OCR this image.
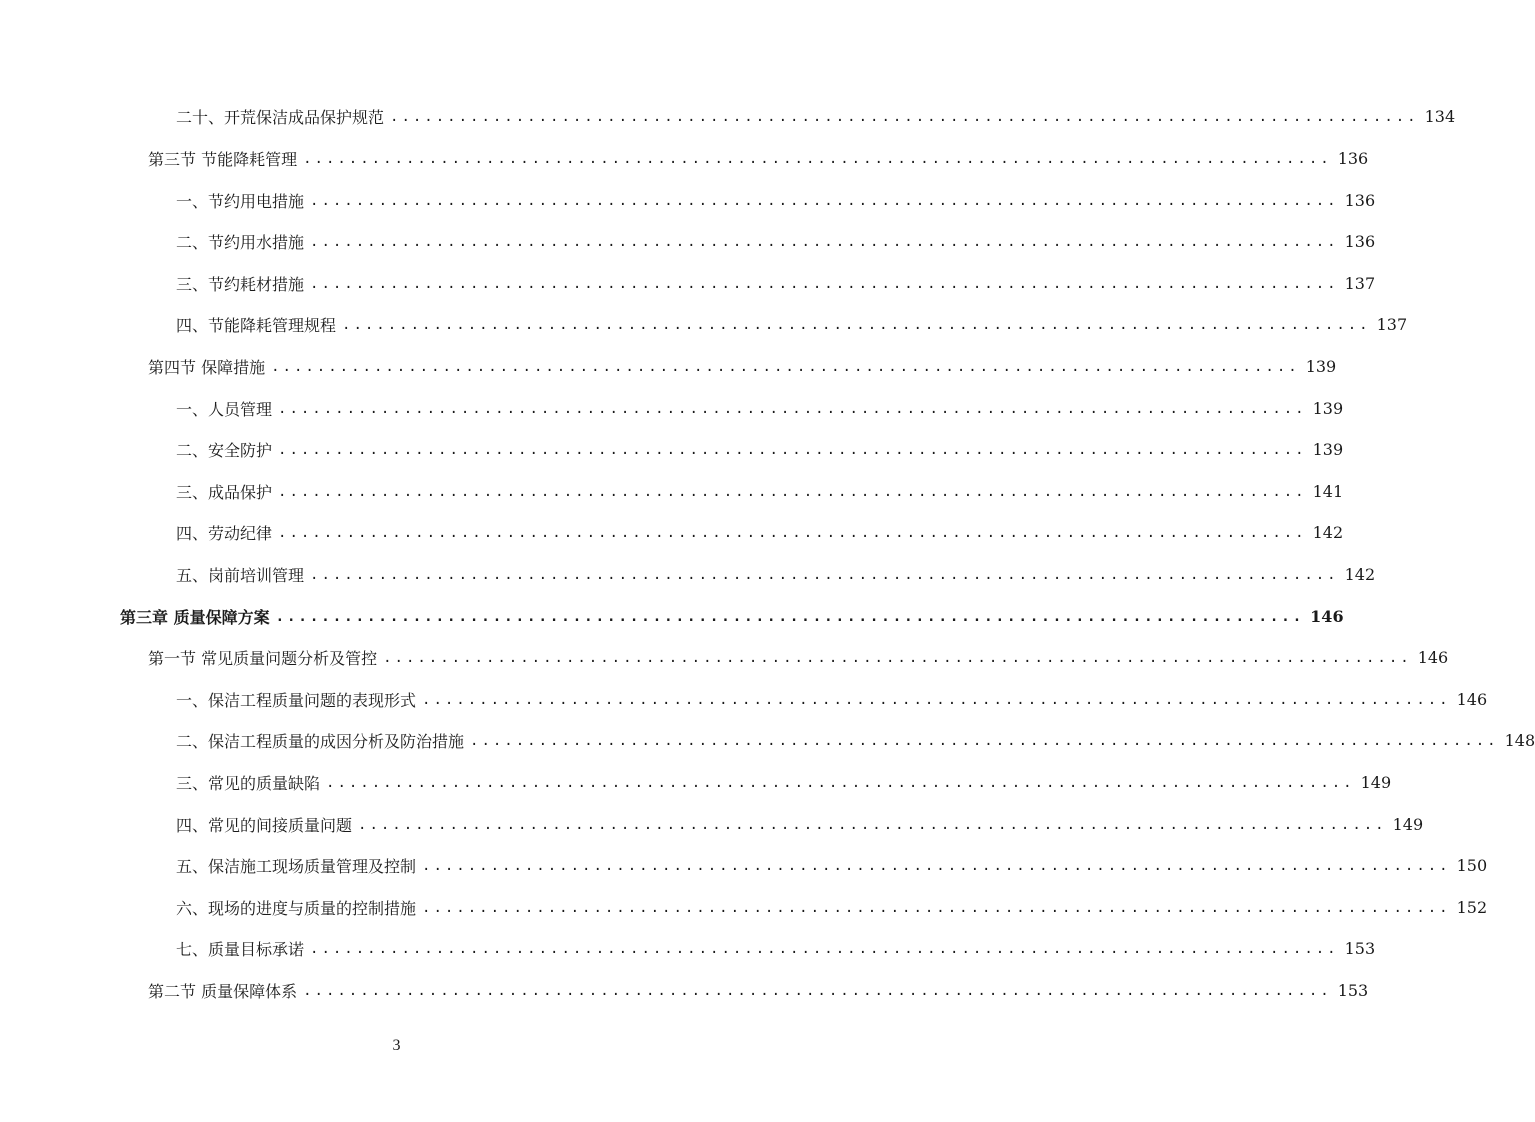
二十、开荒保洁成品保护规范 .......................................................................................... 134
第三节 节能降耗管理 .......................................................................................... 136
一、节约用电措施 .......................................................................................... 136
二、节约用水措施 .......................................................................................... 136
三、节约耗材措施 .......................................................................................... 137
四、节能降耗管理规程 .......................................................................................... 137
第四节 保障措施 .......................................................................................... 139
一、人员管理 .......................................................................................... 139
二、安全防护 .......................................................................................... 139
三、成品保护 .......................................................................................... 141
四、劳动纪律 .......................................................................................... 142
五、岗前培训管理 .......................................................................................... 142
第三章 质量保障方案 .......................................................................................... 146
第一节 常见质量问题分析及管控 .......................................................................................... 146
一、保洁工程质量问题的表现形式 .......................................................................................... 146
二、保洁工程质量的成因分析及防治措施 .......................................................................................... 148
三、常见的质量缺陷 .......................................................................................... 149
四、常见的间接质量问题 .......................................................................................... 149
五、保洁施工现场质量管理及控制 .......................................................................................... 150
六、现场的进度与质量的控制措施 .......................................................................................... 152
七、质量目标承诺 .......................................................................................... 153
第二节 质量保障体系 .......................................................................................... 153
3
